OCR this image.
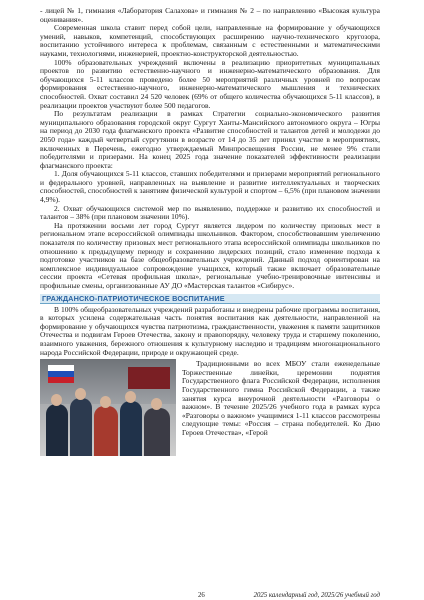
- лицей № 1, гимназия «Лаборатория Салахова» и гимназия № 2 – по направлению «Высокая культура оценивания».
Современная школа ставит перед собой цели, направленные на формирование у обучающихся умений, навыков, компетенций, способствующих расширению научно-технического кругозора, воспитанию устойчивого интереса к проблемам, связанным с естественными и математическими науками, технологиями, инженерией, проектно-конструкторской деятельностью.
100% образовательных учреждений включены в реализацию приоритетных муниципальных проектов по развитию естественно-научного и инженерно-математического образования. Для обучающихся 5-11 классов проведено более 50 мероприятий различных уровней по вопросам формирования естественно-научного, инженерно-математического мышления и технических способностей. Охват составил 24 520 человек (69% от общего количества обучающихся 5-11 классов), в реализации проектов участвуют более 500 педагогов.
По результатам реализации в рамках Стратегии социально-экономического развития муниципального образования городской округ Сургут Ханты-Мансийского автономного округа – Югры на период до 2030 года флагманского проекта «Развитие способностей и талантов детей и молодежи до 2050 года» каждый четвертый сургутянин в возрасте от 14 до 35 лет принял участие в мероприятиях, включенных в Перечень, ежегодно утверждаемый Минпросвещения России, не менее 9% стали победителями и призерами. На конец 2025 года значение показателей эффективности реализации флагманского проекта:
1. Доля обучающихся 5-11 классов, ставших победителями и призерами мероприятий регионального и федерального уровней, направленных на выявление и развитие интеллектуальных и творческих способностей, способностей к занятиям физической культурой и спортом – 6,5% (при плановом значении 4,9%).
2. Охват обучающихся системой мер по выявлению, поддержке и развитию их способностей и талантов – 38% (при плановом значении 10%).
На протяжении восьми лет город Сургут является лидером по количеству призовых мест в региональном этапе всероссийской олимпиады школьников. Фактором, способствовавшим увеличению показателя по количеству призовых мест регионального этапа всероссийской олимпиады школьников по отношению к предыдущему периоду и сохранению лидерских позиций, стало изменение подхода к подготовке участников на базе общеобразовательных учреждений. Данный подход ориентирован на комплексное индивидуальное сопровождение учащихся, который также включает образовательные сессии проекта «Сетевая профильная школа», региональные учебно-тренировочные интенсивы и профильные смены, организованные АУ ДО «Мастерская талантов «Сибирус».
ГРАЖДАНСКО-ПАТРИОТИЧЕСКОЕ ВОСПИТАНИЕ
В 100% общеобразовательных учреждений разработаны и внедрены рабочие программы воспитания, в которых усилена содержательная часть понятия воспитания как деятельности, направленной на формирование у обучающихся чувства патриотизма, гражданственности, уважения к памяти защитников Отечества и подвигам Героев Отечества, закону и правопорядку, человеку труда и старшему поколению, взаимного уважения, бережного отношения к культурному наследию и традициям многонационального народа Российской Федерации, природе и окружающей среде.
Традиционными во всех МБОУ стали еженедельные Торжественные линейки, церемонии поднятия Государственного флага Российской Федерации, исполнения Государственного гимна Российской Федерации, а также занятия курса внеурочной деятельности «Разговоры о важном». В течение 2025/26 учебного года в рамках курса «Разговоры о важном» учащимися 1-11 классов рассмотрены следующие темы: «Россия – страна победителей. Ко Дню Героев Отечества», «Герой
26	2025 календарный год, 2025/26 учебный год
